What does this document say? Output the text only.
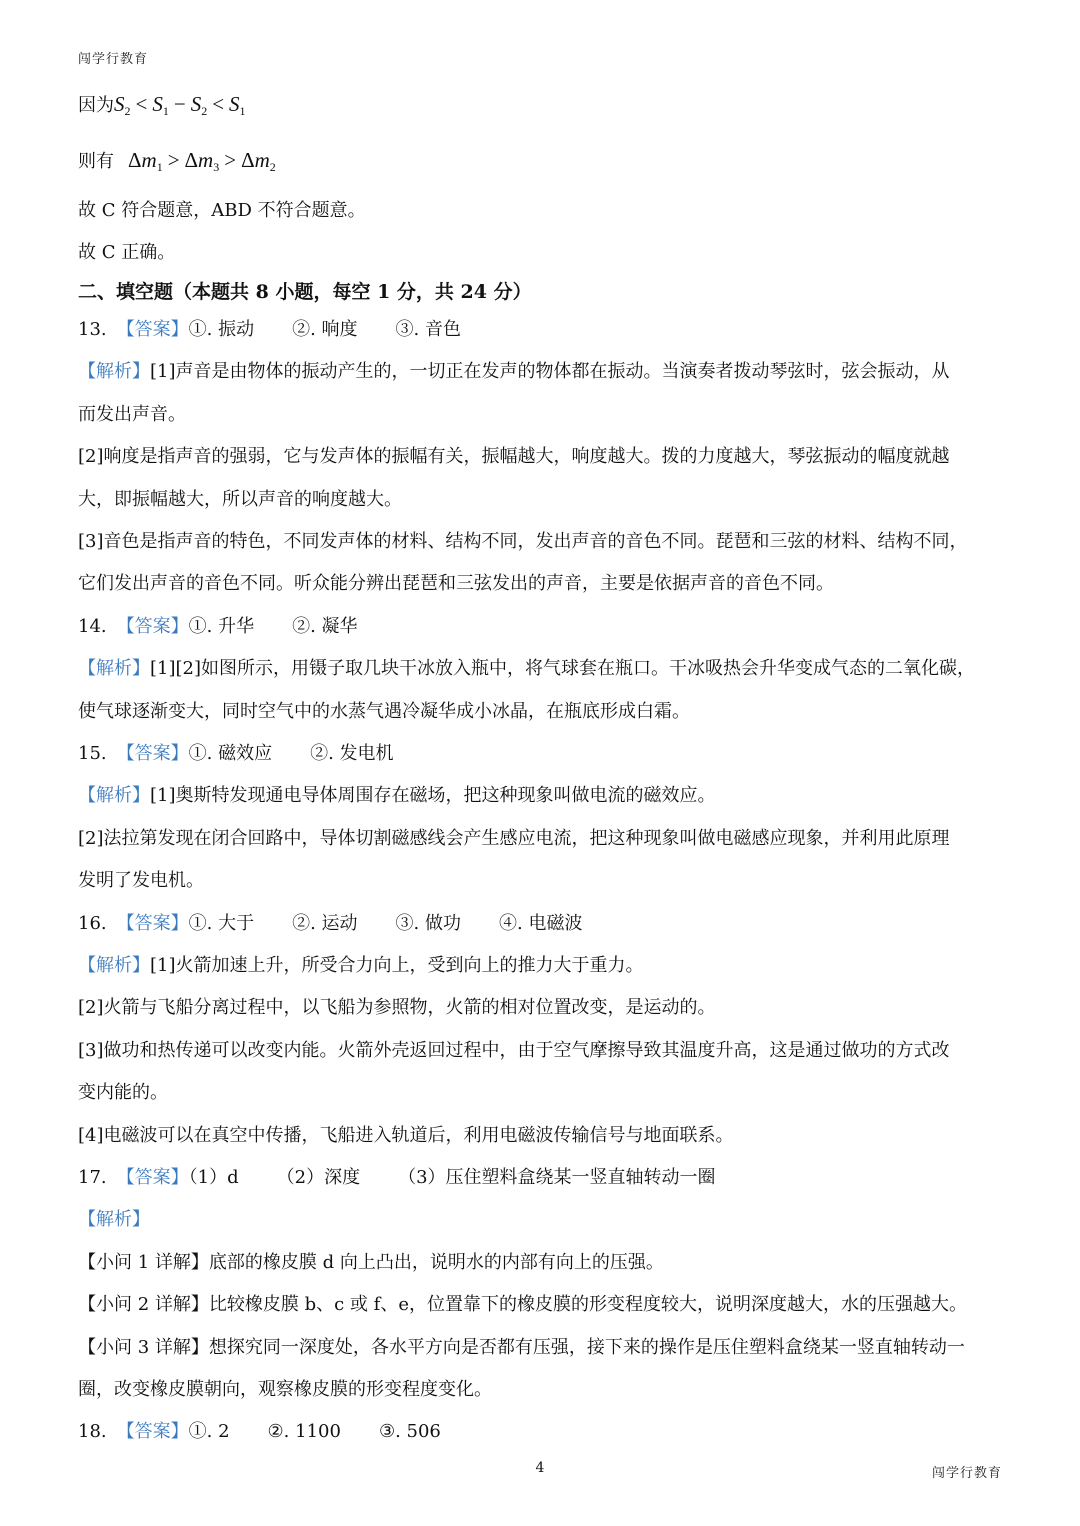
闯学行教育
因为$S_2 < S_1 - S_2 < S_1$
则有 $\Delta m_1 > \Delta m_3 > \Delta m_2$
故 C 符合题意，ABD 不符合题意。
故 C 正确。
二、填空题（本题共 8 小题，每空 1 分，共 24 分）
13. 【答案】①. 振动 ②. 响度 ③. 音色
【解析】[1]声音是由物体的振动产生的，一切正在发声的物体都在振动。当演奏者拨动琴弦时，弦会振动，从
而发出声音。
[2]响度是指声音的强弱，它与发声体的振幅有关，振幅越大，响度越大。拨的力度越大，琴弦振动的幅度就越
大，即振幅越大，所以声音的响度越大。
[3]音色是指声音的特色，不同发声体的材料、结构不同，发出声音的音色不同。琵琶和三弦的材料、结构不同，
它们发出声音的音色不同。听众能分辨出琵琶和三弦发出的声音，主要是依据声音的音色不同。
14. 【答案】①. 升华 ②. 凝华
【解析】[1][2]如图所示，用镊子取几块干冰放入瓶中，将气球套在瓶口。干冰吸热会升华变成气态的二氧化碳，
使气球逐渐变大，同时空气中的水蒸气遇冷凝华成小冰晶，在瓶底形成白霜。
15. 【答案】①. 磁效应 ②. 发电机
【解析】[1]奥斯特发现通电导体周围存在磁场，把这种现象叫做电流的磁效应。
[2]法拉第发现在闭合回路中，导体切割磁感线会产生感应电流，把这种现象叫做电磁感应现象，并利用此原理
发明了发电机。
16. 【答案】①. 大于 ②. 运动 ③. 做功 ④. 电磁波
【解析】[1]火箭加速上升，所受合力向上，受到向上的推力大于重力。
[2]火箭与飞船分离过程中，以飞船为参照物，火箭的相对位置改变，是运动的。
[3]做功和热传递可以改变内能。火箭外壳返回过程中，由于空气摩擦导致其温度升高，这是通过做功的方式改
变内能的。
[4]电磁波可以在真空中传播，飞船进入轨道后，利用电磁波传输信号与地面联系。
17. 【答案】（1）d （2）深度 （3）压住塑料盒绕某一竖直轴转动一圈
【解析】
【小问 1 详解】底部的橡皮膜 d 向上凸出，说明水的内部有向上的压强。
【小问 2 详解】比较橡皮膜 b、c 或 f、e，位置靠下的橡皮膜的形变程度较大，说明深度越大，水的压强越大。
【小问 3 详解】想探究同一深度处，各水平方向是否都有压强，接下来的操作是压住塑料盒绕某一竖直轴转动一
圈，改变橡皮膜朝向，观察橡皮膜的形变程度变化。
18. 【答案】①. 2 ②. 1100 ③. 506
4	闯学行教育
